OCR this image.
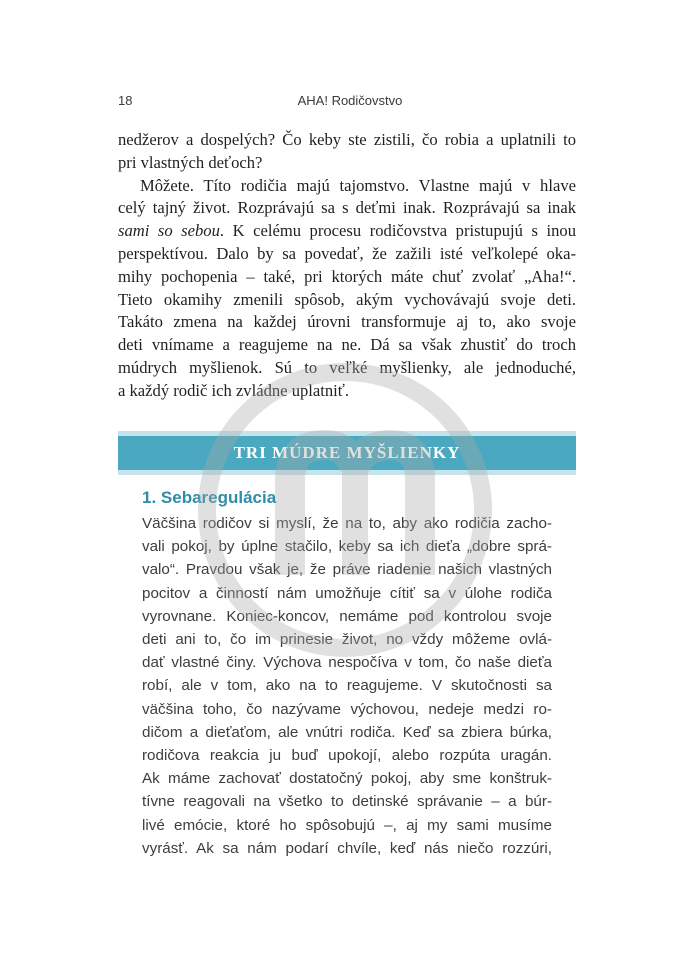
18	AHA! Rodičovstvo

nedžerov a dospelých? Čo keby ste zistili, čo robia a uplatnili to
pri vlastných deťoch?

Môžete. Títo rodičia majú tajomstvo. Vlastne majú v hlave
celý tajný život. Rozprávajú sa s deťmi inak. Rozprávajú sa inak
sami so sebou. K celému procesu rodičovstva pristupujú s inou
perspektívou. Dalo by sa povedať, že zažili isté veľkolepé oka-
mihy pochopenia – také, pri ktorých máte chuť zvolať „Aha!“.
Tieto okamihy zmenili spôsob, akým vychovávajú svoje deti.
Takáto zmena na každej úrovni transformuje aj to, ako svoje
deti vnímame a reagujeme na ne. Dá sa však zhustiť do troch
múdrych myšlienok. Sú to veľké myšlienky, ale jednoduché,
a každý rodič ich zvládne uplatniť.

TRI MÚDRE MYŠLIENKY
1. Sebaregulácia
Väčšina rodičov si myslí, že na to, aby ako rodičia zacho-
vali pokoj, by úplne stačilo, keby sa ich dieťa „dobre sprá-
valo“. Pravdou však je, že práve riadenie našich vlastných
pocitov a činností nám umožňuje cítiť sa v úlohe rodiča
vyrovnane. Koniec-koncov, nemáme pod kontrolou svoje
deti ani to, čo im prinesie život, no vždy môžeme ovlá-
dať vlastné činy. Výchova nespočíva v tom, čo naše dieťa
robí, ale v tom, ako na to reagujeme. V skutočnosti sa
väčšina toho, čo nazývame výchovou, nedeje medzi ro-
dičom a dieťaťom, ale vnútri rodiča. Keď sa zbiera búrka,
rodičova reakcia ju buď upokojí, alebo rozpúta uragán.
Ak máme zachovať dostatočný pokoj, aby sme konštruk-
tívne reagovali na všetko to detinské správanie – a búr-
livé emócie, ktoré ho spôsobujú –, aj my sami musíme
vyrásť. Ak sa nám podarí chvíle, keď nás niečo rozzúri,
